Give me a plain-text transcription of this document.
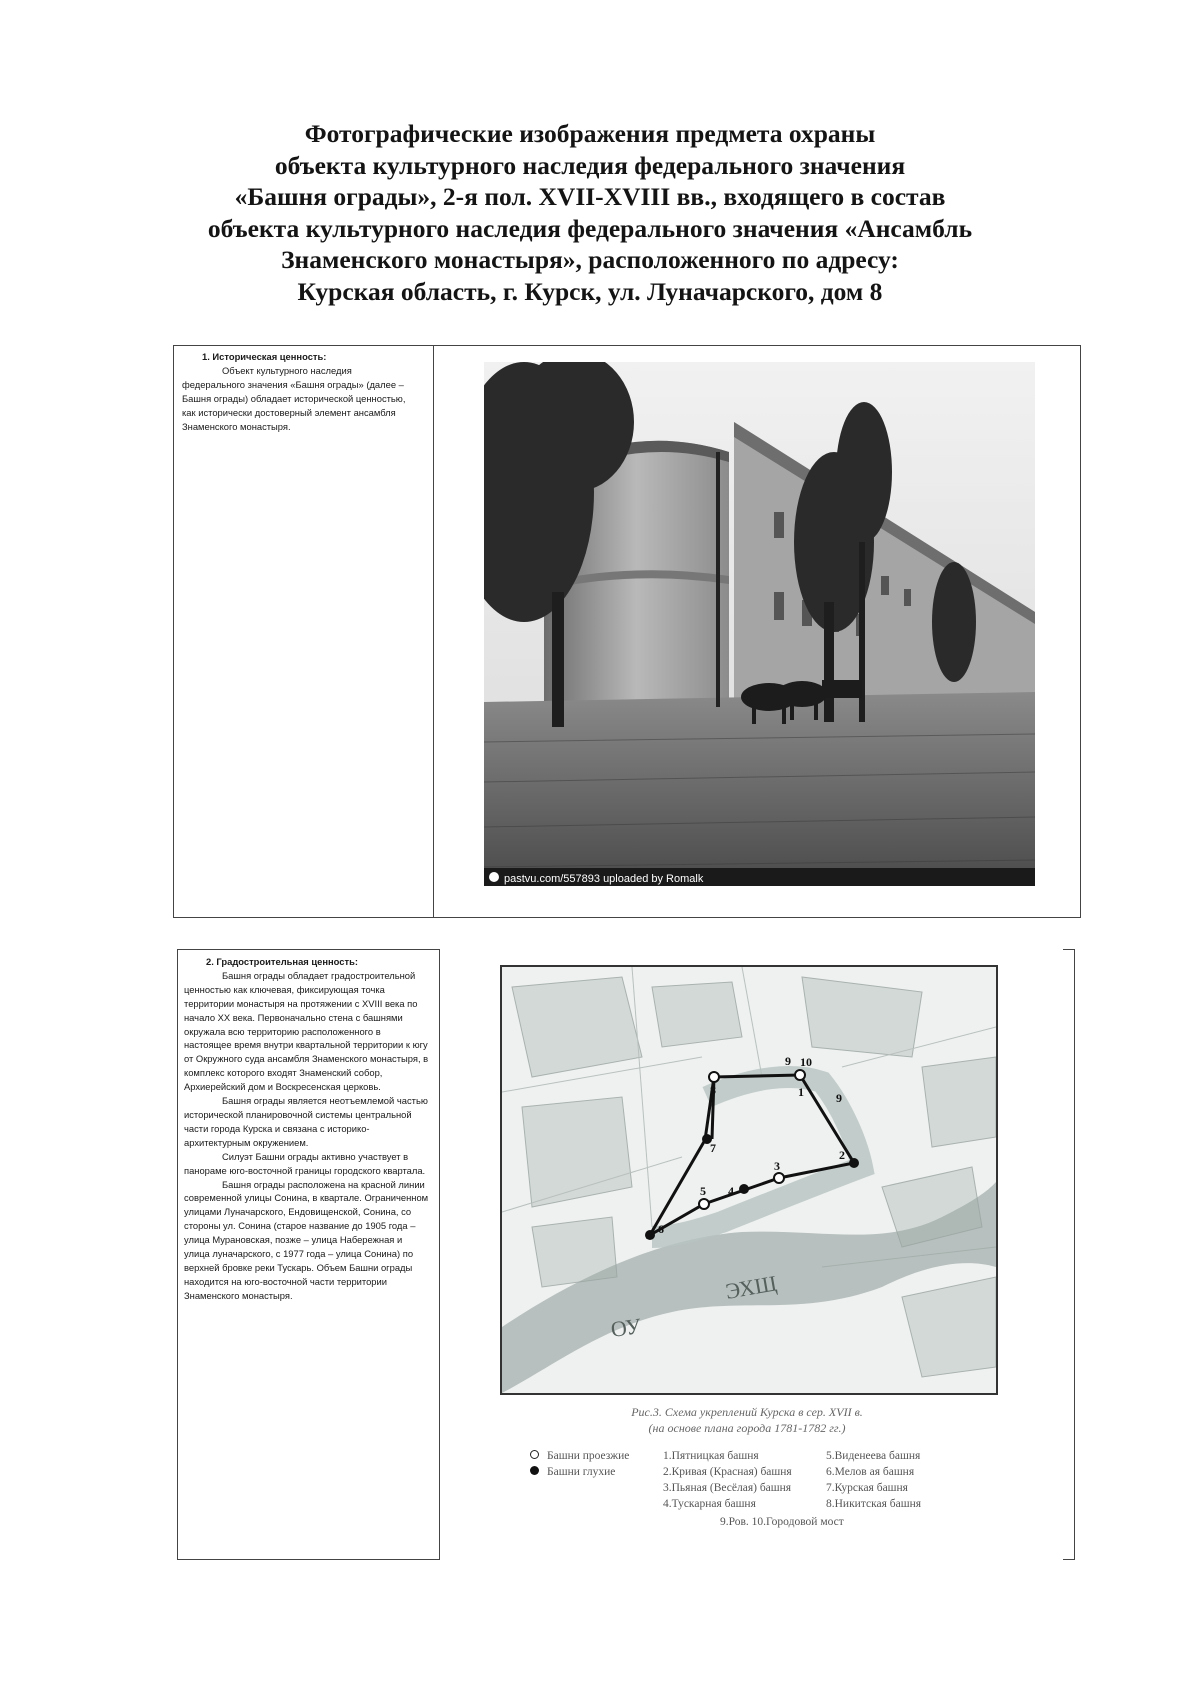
Фотографические изображения предмета охраны
объекта культурного наследия федерального значения
«Башня ограды», 2-я пол. XVII-XVIII вв., входящего в состав
объекта культурного наследия федерального значения «Ансамбль
Знаменского монастыря», расположенного по адресу:
Курская область, г. Курск, ул. Луначарского, дом 8
1. Историческая ценность:

Объект культурного наследия федерального значения «Башня ограды» (далее – Башня ограды) обладает исторической ценностью, как исторически достоверный элемент ансамбля Знаменского монастыря.

pastvu.com/557893 uploaded by Romalk
2. Градостроительная ценность:

Башня ограды обладает градостроительной ценностью как ключевая, фиксирующая точка территории монастыря на протяжении с XVIII века по начало XX века. Первоначально стена с башнями окружала всю территорию расположенного в настоящее время внутри квартальной территории к югу от Окружного суда ансамбля Знаменского монастыря, в комплекс которого входят Знаменский собор, Архиерейский дом и Воскресенская церковь.

Башня ограды является неотъемлемой частью исторической планировочной системы центральной части города Курска и связана с историко-архитектурным окружением.

Силуэт Башни ограды активно участвует в панораме юго-восточной границы городского квартала.

Башня ограды расположена на красной линии современной улицы Сонина, в квартале. Ограниченном улицами Луначарского, Ендовищенской, Сонина, со стороны ул. Сонина (старое название до 1905 года – улица Мурановская, позже – улица Набережная и улица луначарского, с 1977 года – улица Сонина) по верхней бровке реки Тускарь. Объем Башни ограды находится на юго-восточной части территории Знаменского монастыря.

1
2
3
4
5
6
7
8
9
9
10
ЭХЩ
ОУ
Рис.3. Схема укреплений Курска в сер. XVII в.
(на основе плана города 1781-1782 гг.)
Башни проезжие
Башни глухие
1.Пятницкая башня
2.Кривая (Красная) башня
3.Пьяная (Весёлая) башня
4.Тускарная башня
5.Виденеева башня
6.Мелов ая башня
7.Курская башня
8.Никитская башня
9.Ров. 10.Городовой мост
